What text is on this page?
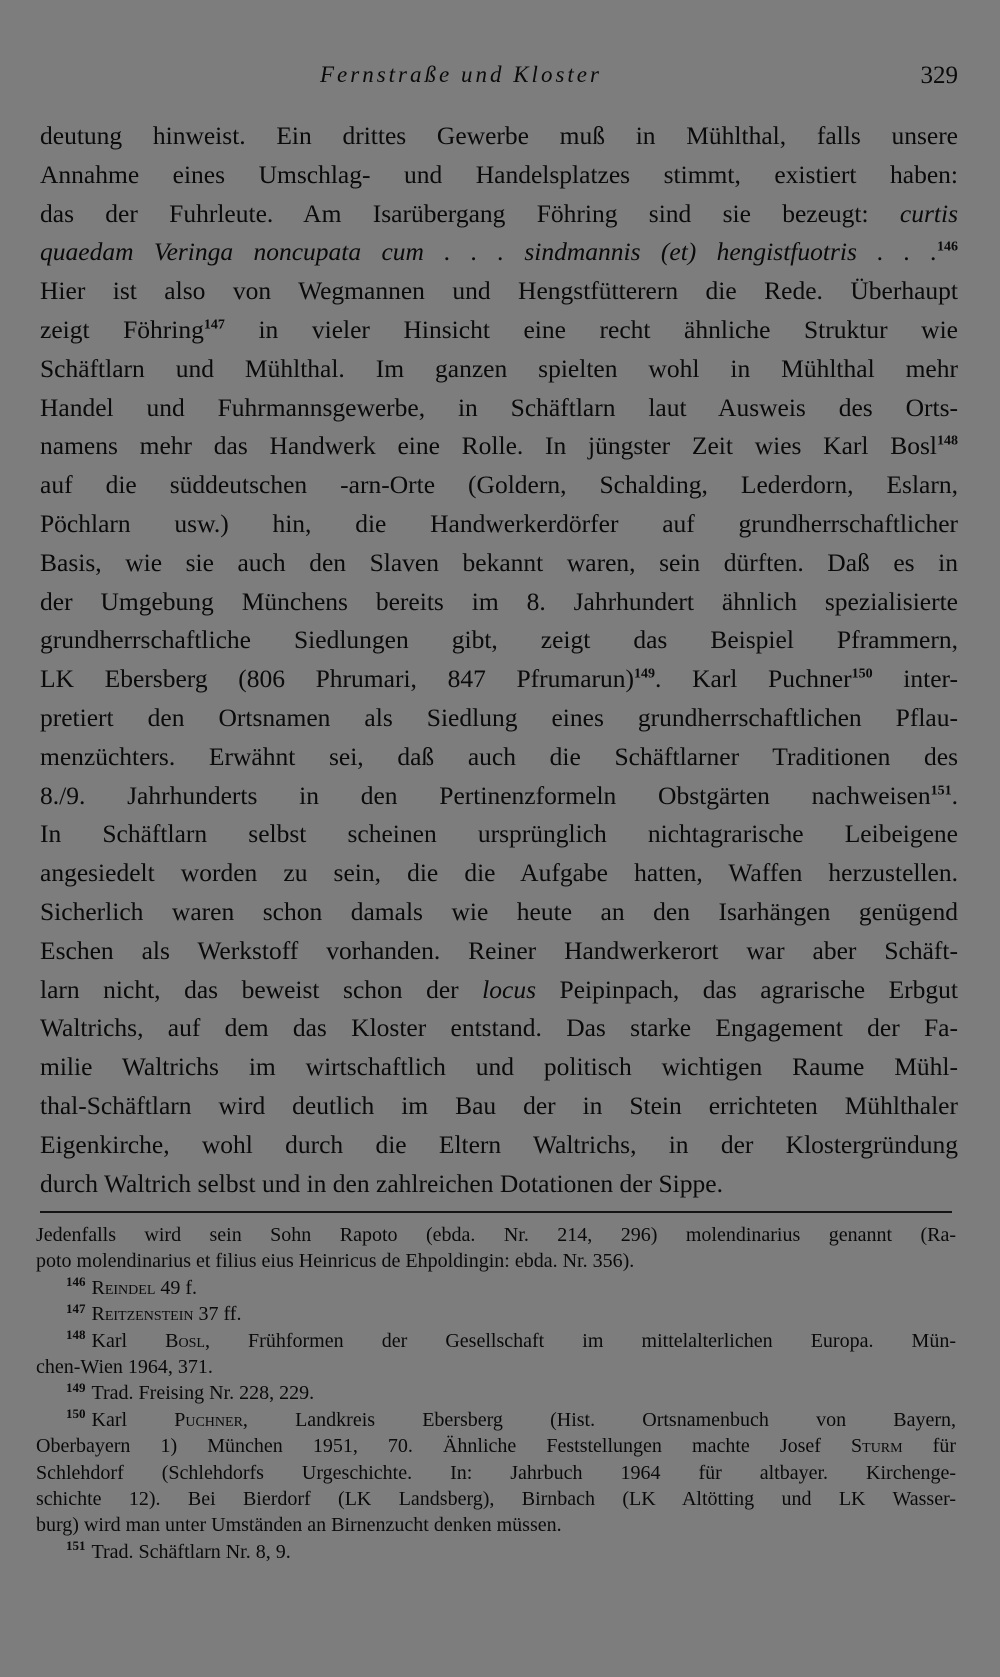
Fernstraße und Kloster	329
deutung hinweist. Ein drittes Gewerbe muß in Mühlthal, falls unsere
Annahme eines Umschlag- und Handelsplatzes stimmt, existiert haben:
das der Fuhrleute. Am Isarübergang Föhring sind sie bezeugt: curtis
quaedam Veringa noncupata cum . . . sindmannis (et) hengistfuotris . . .$^{146}$
Hier ist also von Wegmannen und Hengstfütterern die Rede. Überhaupt
zeigt Föhring$^{147}$ in vieler Hinsicht eine recht ähnliche Struktur wie
Schäftlarn und Mühlthal. Im ganzen spielten wohl in Mühlthal mehr
Handel und Fuhrmannsgewerbe, in Schäftlarn laut Ausweis des Orts-
namens mehr das Handwerk eine Rolle. In jüngster Zeit wies Karl Bosl$^{148}$
auf die süddeutschen -arn-Orte (Goldern, Schalding, Lederdorn, Eslarn,
Pöchlarn usw.) hin, die Handwerkerdörfer auf grundherrschaftlicher
Basis, wie sie auch den Slaven bekannt waren, sein dürften. Daß es in
der Umgebung Münchens bereits im 8. Jahrhundert ähnlich spezialisierte
grundherrschaftliche Siedlungen gibt, zeigt das Beispiel Pframmern,
LK Ebersberg (806 Phrumari, 847 Pfrumarun)$^{149}$. Karl Puchner$^{150}$ inter-
pretiert den Ortsnamen als Siedlung eines grundherrschaftlichen Pflau-
menzüchters. Erwähnt sei, daß auch die Schäftlarner Traditionen des
8./9. Jahrhunderts in den Pertinenzformeln Obstgärten nachweisen$^{151}$.
In Schäftlarn selbst scheinen ursprünglich nichtagrarische Leibeigene
angesiedelt worden zu sein, die die Aufgabe hatten, Waffen herzustellen.
Sicherlich waren schon damals wie heute an den Isarhängen genügend
Eschen als Werkstoff vorhanden. Reiner Handwerkerort war aber Schäft-
larn nicht, das beweist schon der locus Peipinpach, das agrarische Erbgut
Waltrichs, auf dem das Kloster entstand. Das starke Engagement der Fa-
milie Waltrichs im wirtschaftlich und politisch wichtigen Raume Mühl-
thal-Schäftlarn wird deutlich im Bau der in Stein errichteten Mühlthaler
Eigenkirche, wohl durch die Eltern Waltrichs, in der Klostergründung
durch Waltrich selbst und in den zahlreichen Dotationen der Sippe.
Jedenfalls wird sein Sohn Rapoto (ebda. Nr. 214, 296) molendinarius genannt (Ra-
poto molendinarius et filius eius Heinricus de Ehpoldingin: ebda. Nr. 356).
$^{146}$ Reindel 49 f.
$^{147}$ Reitzenstein 37 ff.
$^{148}$ Karl Bosl, Frühformen der Gesellschaft im mittelalterlichen Europa. Mün-
chen-Wien 1964, 371.
$^{149}$ Trad. Freising Nr. 228, 229.
$^{150}$ Karl Puchner, Landkreis Ebersberg (Hist. Ortsnamenbuch von Bayern,
Oberbayern 1) München 1951, 70. Ähnliche Feststellungen machte Josef Sturm für
Schlehdorf (Schlehdorfs Urgeschichte. In: Jahrbuch 1964 für altbayer. Kirchenge-
schichte 12). Bei Bierdorf (LK Landsberg), Birnbach (LK Altötting und LK Wasser-
burg) wird man unter Umständen an Birnenzucht denken müssen.
$^{151}$ Trad. Schäftlarn Nr. 8, 9.
